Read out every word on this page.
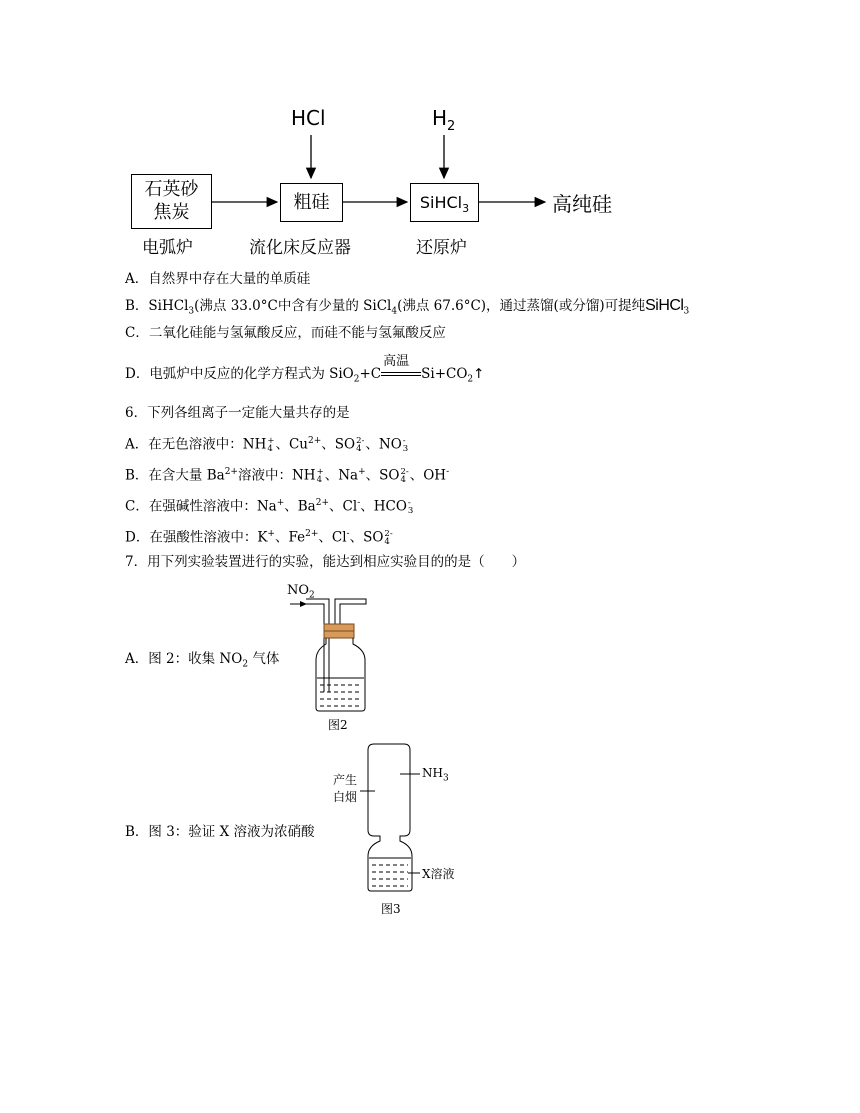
HCl	$H_2$
石英砂
焦炭	粗硅	SiHCl$_3$	高纯硅
电弧炉	流化床反应器	还原炉
A．自然界中存在大量的单质硅
B．SiHCl$_3$(沸点 33.0°C中含有少量的 SiCl$_4$(沸点 67.6°C)，通过蒸馏(或分馏)可提纯SiHCl$_3$
C．二氧化硅能与氢氟酸反应，而硅不能与氢氟酸反应
D．电弧炉中反应的化学方程式为 SiO$_2$+C
高温
$Si+CO_2↑$
6．下列各组离子一定能大量共存的是
A．在无色溶液中：NH +
4 、$Cu^{2+}$、SO 2-
4 、NO -
3
B．在含大量 $Ba^{2+}$溶液中：NH +
4 、Na+、SO 2-
4 、OH-
C．在强碱性溶液中：Na+、$Ba^{2+}$、Cl-、HCO -
3
D．在强酸性溶液中：K+、$Fe^{2+}$、Cl-、SO 2-
4
7．用下列实验装置进行的实验，能达到相应实验目的的是（　　）
$NO_2$
图2
A．图 2：收集 $NO_2$ 气体
产生
白烟
$NH_3$
X溶液
图3
B．图 3：验证 X 溶液为浓硝酸
